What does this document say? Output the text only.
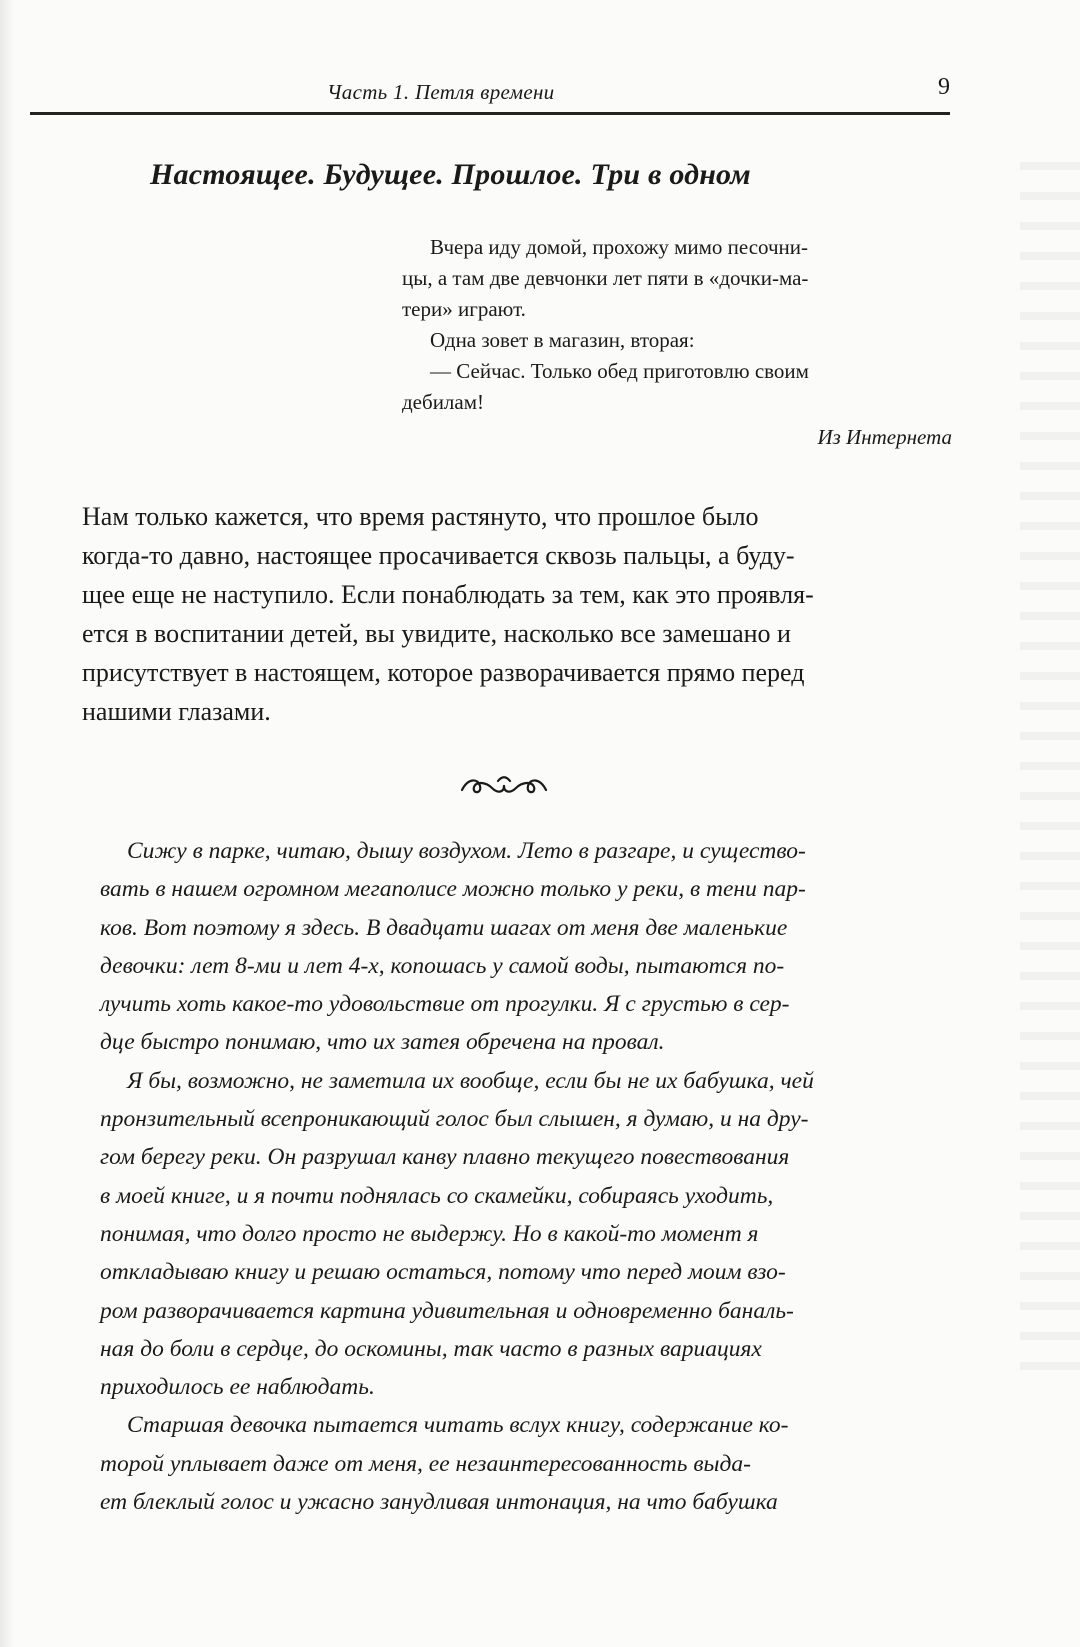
Часть 1. Петля времени	9
Настоящее. Будущее. Прошлое. Три в одном
Вчера иду домой, прохожу мимо песочни-
цы, а там две девчонки лет пяти в «дочки-ма-
тери» играют.
Одна зовет в магазин, вторая:
— Сейчас. Только обед приготовлю своим
дебилам!
Из Интернета
Нам только кажется, что время растянуто, что прошлое было
когда-то давно, настоящее просачивается сквозь пальцы, а буду-
щее еще не наступило. Если понаблюдать за тем, как это проявля-
ется в воспитании детей, вы увидите, насколько все замешано и
присутствует в настоящем, которое разворачивается прямо перед
нашими глазами.
Сижу в парке, читаю, дышу воздухом. Лето в разгаре, и существо-
вать в нашем огромном мегаполисе можно только у реки, в тени пар-
ков. Вот поэтому я здесь. В двадцати шагах от меня две маленькие
девочки: лет 8-ми и лет 4-х, копошась у самой воды, пытаются по-
лучить хоть какое-то удовольствие от прогулки. Я с грустью в сер-
дце быстро понимаю, что их затея обречена на провал.
Я бы, возможно, не заметила их вообще, если бы не их бабушка, чей
пронзительный всепроникающий голос был слышен, я думаю, и на дру-
гом берегу реки. Он разрушал канву плавно текущего повествования
в моей книге, и я почти поднялась со скамейки, собираясь уходить,
понимая, что долго просто не выдержу. Но в какой-то момент я
откладываю книгу и решаю остаться, потому что перед моим взо-
ром разворачивается картина удивительная и одновременно баналь-
ная до боли в сердце, до оскомины, так часто в разных вариациях
приходилось ее наблюдать.
Старшая девочка пытается читать вслух книгу, содержание ко-
торой уплывает даже от меня, ее незаинтересованность выда-
ет блеклый голос и ужасно занудливая интонация, на что бабушка
